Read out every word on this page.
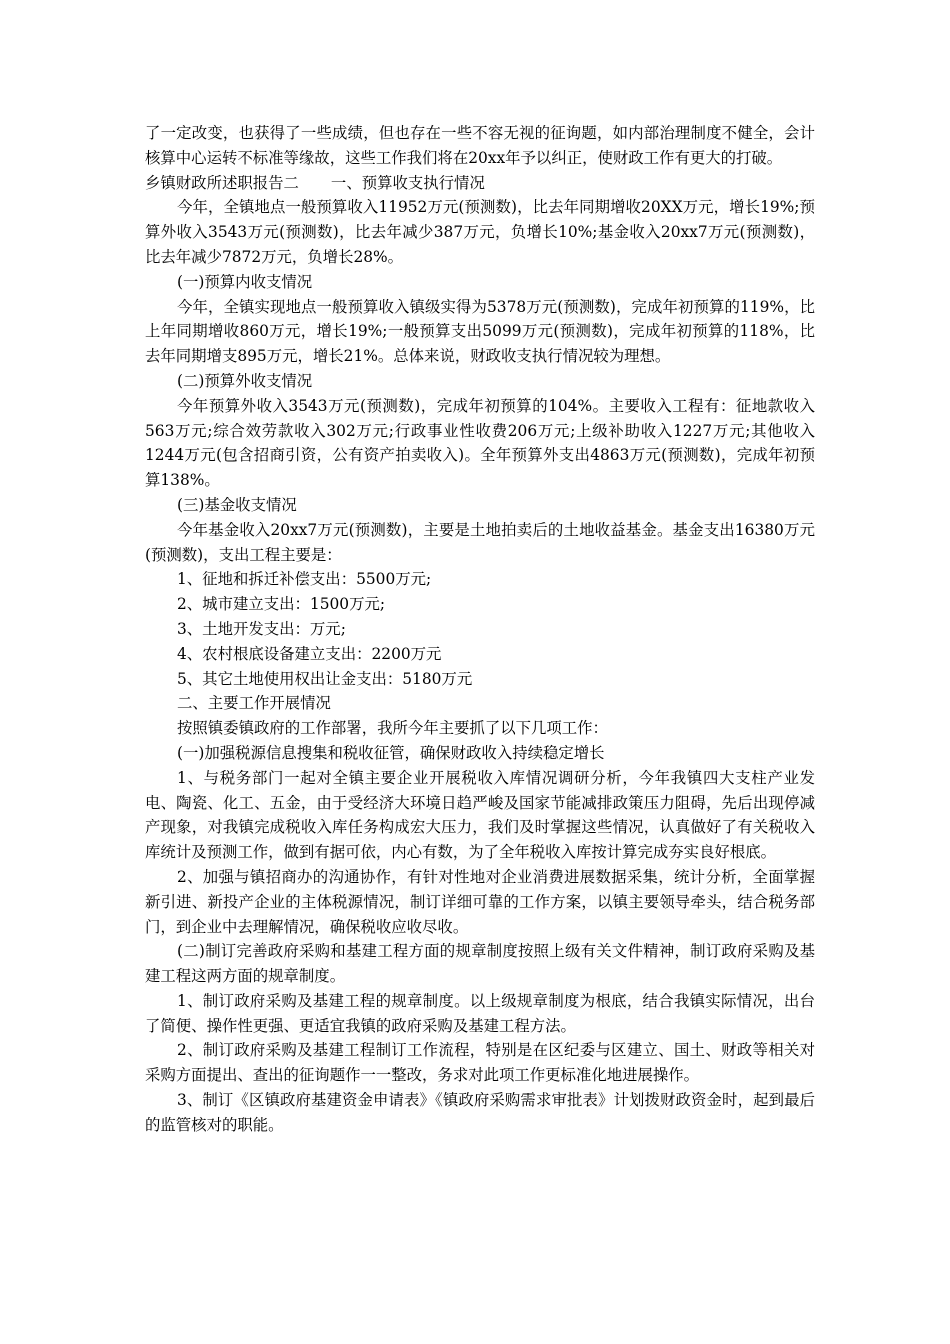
了一定改变，也获得了一些成绩，但也存在一些不容无视的征询题，如内部治理制度不健全，会计核算中心运转不标准等缘故，这些工作我们将在20xx年予以纠正，使财政工作有更大的打破。

乡镇财政所述职报告二 一、预算收支执行情况

今年，全镇地点一般预算收入11952万元(预测数)，比去年同期增收20XX万元，增长19%;预算外收入3543万元(预测数)，比去年减少387万元，负增长10%;基金收入20xx7万元(预测数)，比去年减少7872万元，负增长28%。

(一)预算内收支情况

今年，全镇实现地点一般预算收入镇级实得为5378万元(预测数)，完成年初预算的119%，比上年同期增收860万元，增长19%;一般预算支出5099万元(预测数)，完成年初预算的118%，比去年同期增支895万元，增长21%。总体来说，财政收支执行情况较为理想。

(二)预算外收支情况

今年预算外收入3543万元(预测数)，完成年初预算的104%。主要收入工程有：征地款收入563万元;综合效劳款收入302万元;行政事业性收费206万元;上级补助收入1227万元;其他收入1244万元(包含招商引资，公有资产拍卖收入)。全年预算外支出4863万元(预测数)，完成年初预算138%。

(三)基金收支情况

今年基金收入20xx7万元(预测数)，主要是土地拍卖后的土地收益基金。基金支出16380万元(预测数)，支出工程主要是：

1、征地和拆迁补偿支出：5500万元;

2、城市建立支出：1500万元;

3、土地开发支出：万元;

4、农村根底设备建立支出：2200万元

5、其它土地使用权出让金支出：5180万元

二、主要工作开展情况

按照镇委镇政府的工作部署，我所今年主要抓了以下几项工作：

(一)加强税源信息搜集和税收征管，确保财政收入持续稳定增长

1、与税务部门一起对全镇主要企业开展税收入库情况调研分析，今年我镇四大支柱产业发电、陶瓷、化工、五金，由于受经济大环境日趋严峻及国家节能减排政策压力阻碍，先后出现停减产现象，对我镇完成税收入库任务构成宏大压力，我们及时掌握这些情况，认真做好了有关税收入库统计及预测工作，做到有据可依，内心有数，为了全年税收入库按计算完成夯实良好根底。

2、加强与镇招商办的沟通协作，有针对性地对企业消费进展数据采集，统计分析，全面掌握新引进、新投产企业的主体税源情况，制订详细可靠的工作方案，以镇主要领导牵头，结合税务部门，到企业中去理解情况，确保税收应收尽收。

(二)制订完善政府采购和基建工程方面的规章制度按照上级有关文件精神，制订政府采购及基建工程这两方面的规章制度。

1、制订政府采购及基建工程的规章制度。以上级规章制度为根底，结合我镇实际情况，出台了简便、操作性更强、更适宜我镇的政府采购及基建工程方法。

2、制订政府采购及基建工程制订工作流程，特别是在区纪委与区建立、国土、财政等相关对采购方面提出、查出的征询题作一一整改，务求对此项工作更标准化地进展操作。

3、制订《区镇政府基建资金申请表》《镇政府采购需求审批表》计划拨财政资金时，起到最后的监管核对的职能。
